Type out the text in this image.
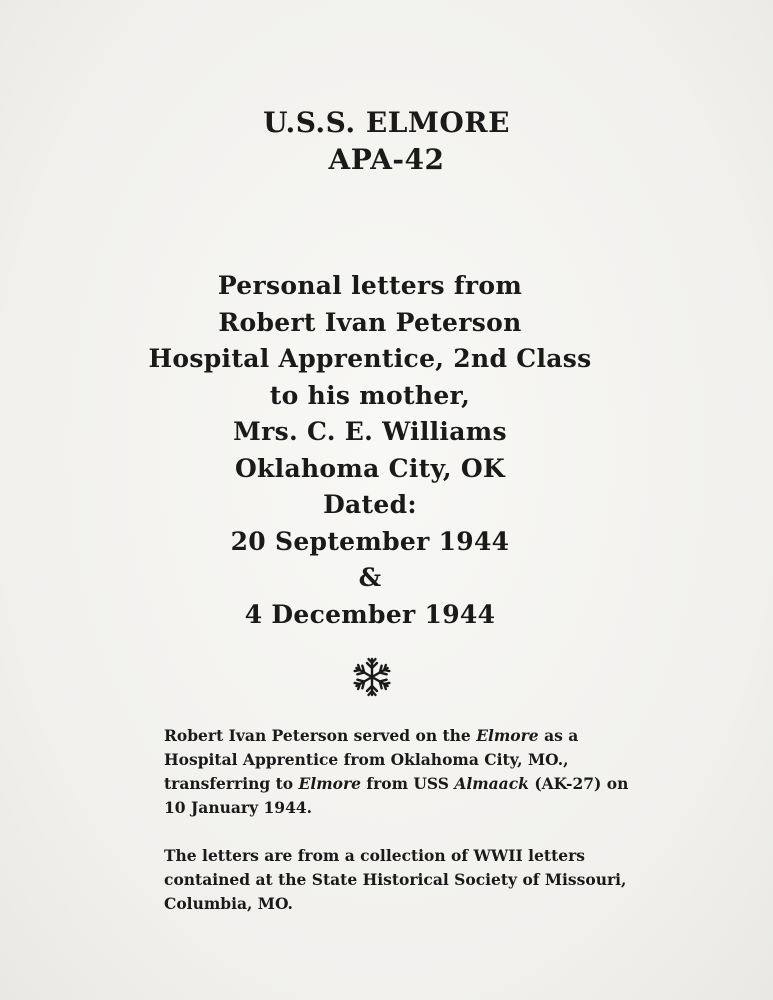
U.S.S. ELMORE
APA-42
Personal letters from
Robert Ivan Peterson
Hospital Apprentice, 2nd Class
to his mother,
Mrs. C. E. Williams
Oklahoma City, OK
Dated:
20 September 1944
&
4 December 1944

Robert Ivan Peterson served on the Elmore as a Hospital Apprentice from Oklahoma City, MO., transferring to Elmore from USS Almaack (AK-27) on 10 January 1944.

The letters are from a collection of WWII letters contained at the State Historical Society of Missouri, Columbia, MO.
